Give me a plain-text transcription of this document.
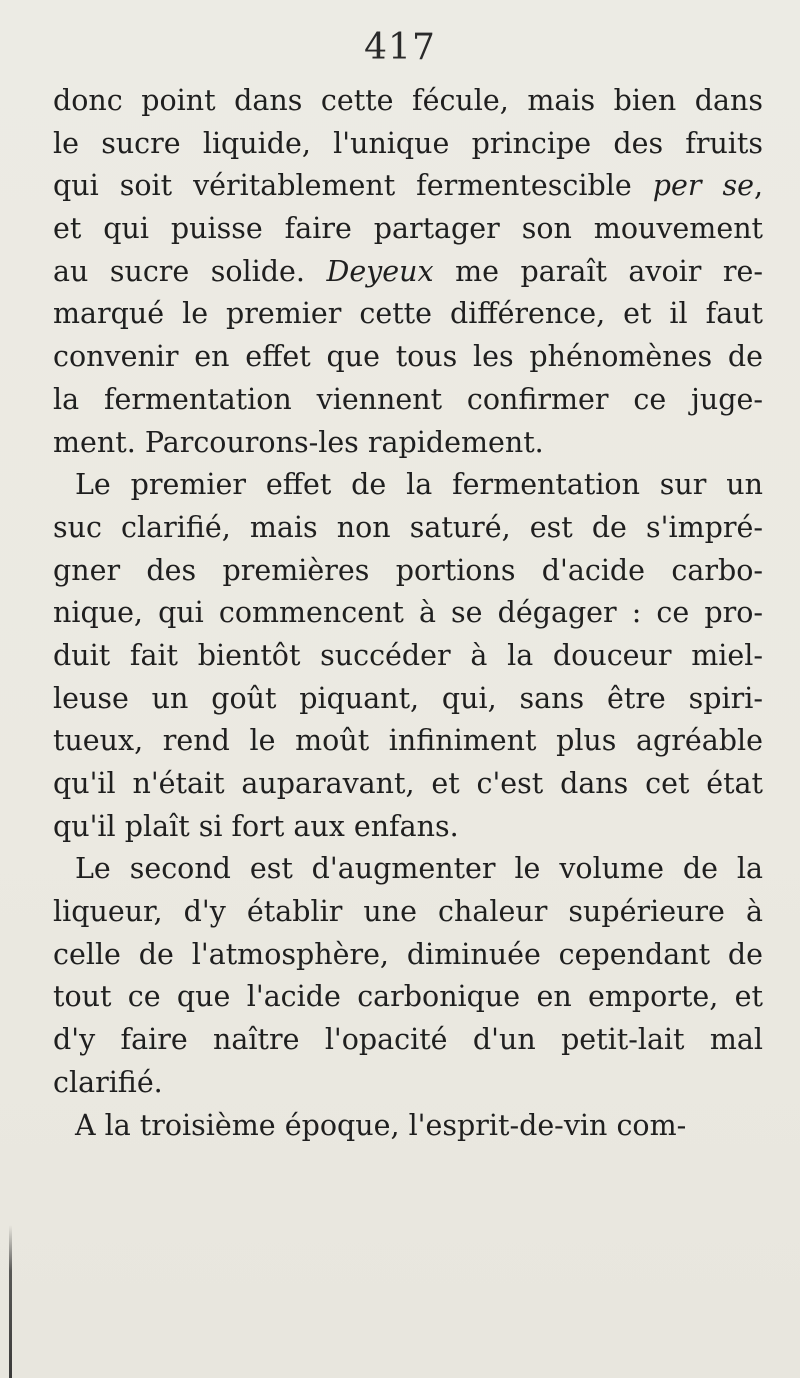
417
donc point dans cette fécule, mais bien dans
le sucre liquide, l'unique principe des fruits
qui soit véritablement fermentescible per se,
et qui puisse faire partager son mouvement
au sucre solide. Deyeux me paraît avoir re-
marqué le premier cette différence, et il faut
convenir en effet que tous les phénomènes de
la fermentation viennent confirmer ce juge-
ment. Parcourons-les rapidement.
Le premier effet de la fermentation sur un
suc clarifié, mais non saturé, est de s'impré-
gner des premières portions d'acide carbo-
nique, qui commencent à se dégager : ce pro-
duit fait bientôt succéder à la douceur miel-
leuse un goût piquant, qui, sans être spiri-
tueux, rend le moût infiniment plus agréable
qu'il n'était auparavant, et c'est dans cet état
qu'il plaît si fort aux enfans.
Le second est d'augmenter le volume de la
liqueur, d'y établir une chaleur supérieure à
celle de l'atmosphère, diminuée cependant de
tout ce que l'acide carbonique en emporte, et
d'y faire naître l'opacité d'un petit-lait mal
clarifié.
A la troisième époque, l'esprit-de-vin com-
